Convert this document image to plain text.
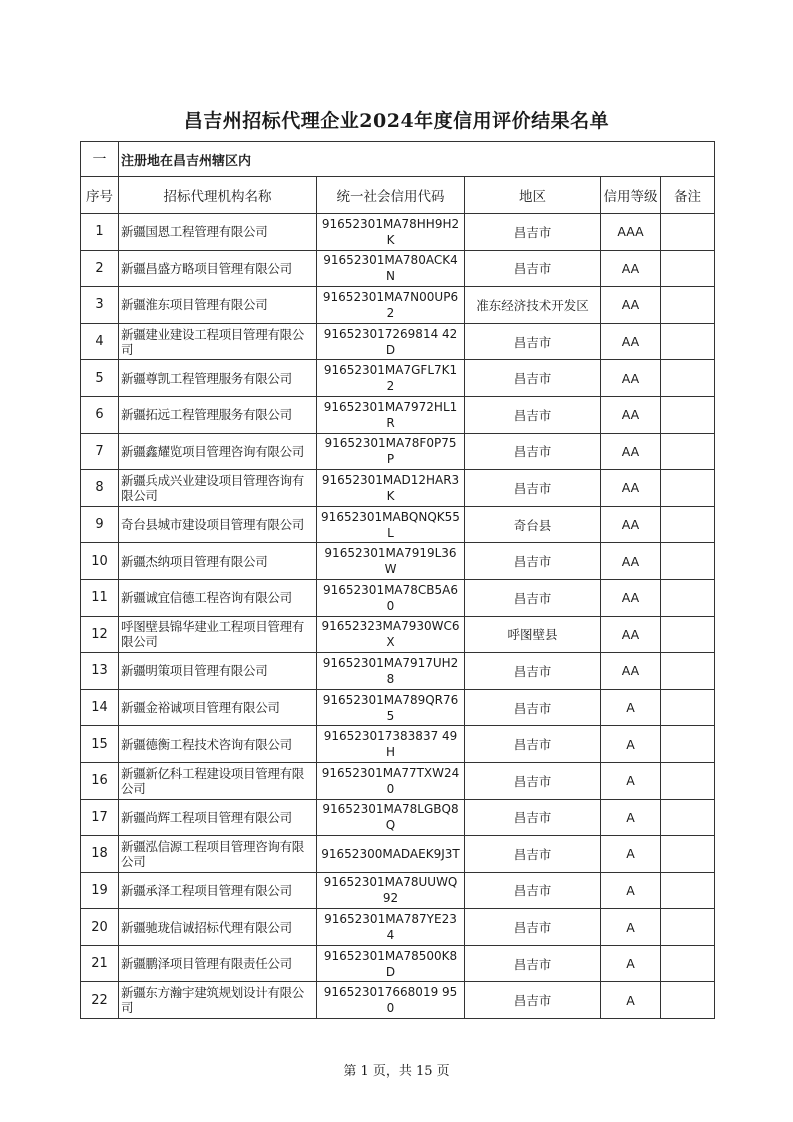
昌吉州招标代理企业2024年度信用评价结果名单
一	注册地在昌吉州辖区内				
序号	招标代理机构名称	统一社会信用代码	地区	信用等级	备注
1	新疆国恩工程管理有限公司	91652301MA78HH9H2K	昌吉市	AAA	
2	新疆昌盛方略项目管理有限公司	91652301MA780ACK4N	昌吉市	AA	
3	新疆淮东项目管理有限公司	91652301MA7N00UP62	准东经济技术开发区	AA	
4	新疆建业建设工程项目管理有限公司	916523017269814 42D	昌吉市	AA	
5	新疆尊凯工程管理服务有限公司	91652301MA7GFL7K12	昌吉市	AA	
6	新疆拓远工程管理服务有限公司	91652301MA7972HL1R	昌吉市	AA	
7	新疆鑫耀览项目管理咨询有限公司	91652301MA78F0P75P	昌吉市	AA	
8	新疆兵成兴业建设项目管理咨询有限公司	91652301MAD12HAR3K	昌吉市	AA	
9	奇台县城市建设项目管理有限公司	91652301MABQNQK55L	奇台县	AA	
10	新疆杰纳项目管理有限公司	91652301MA7919L36W	昌吉市	AA	
11	新疆诚宜信德工程咨询有限公司	91652301MA78CB5A60	昌吉市	AA	
12	呼图壁县锦华建业工程项目管理有限公司	91652323MA7930WC6X	呼图壁县	AA	
13	新疆明策项目管理有限公司	91652301MA7917UH28	昌吉市	AA	
14	新疆金裕诚项目管理有限公司	91652301MA789QR765	昌吉市	A	
15	新疆德衡工程技术咨询有限公司	916523017383837 49H	昌吉市	A	
16	新疆新亿科工程建设项目管理有限公司	91652301MA77TXW240	昌吉市	A	
17	新疆尚辉工程项目管理有限公司	91652301MA78LGBQ8Q	昌吉市	A	
18	新疆泓信源工程项目管理咨询有限公司	91652300MADAEK9J3T	昌吉市	A	
19	新疆承泽工程项目管理有限公司	91652301MA78UUWQ92	昌吉市	A	
20	新疆驰珑信诚招标代理有限公司	91652301MA787YE234	昌吉市	A	
21	新疆鹏泽项目管理有限责任公司	91652301MA78500K8D	昌吉市	A	
22	新疆东方瀚宇建筑规划设计有限公司	916523017668019 950	昌吉市	A	
第 1 页，共 15 页
